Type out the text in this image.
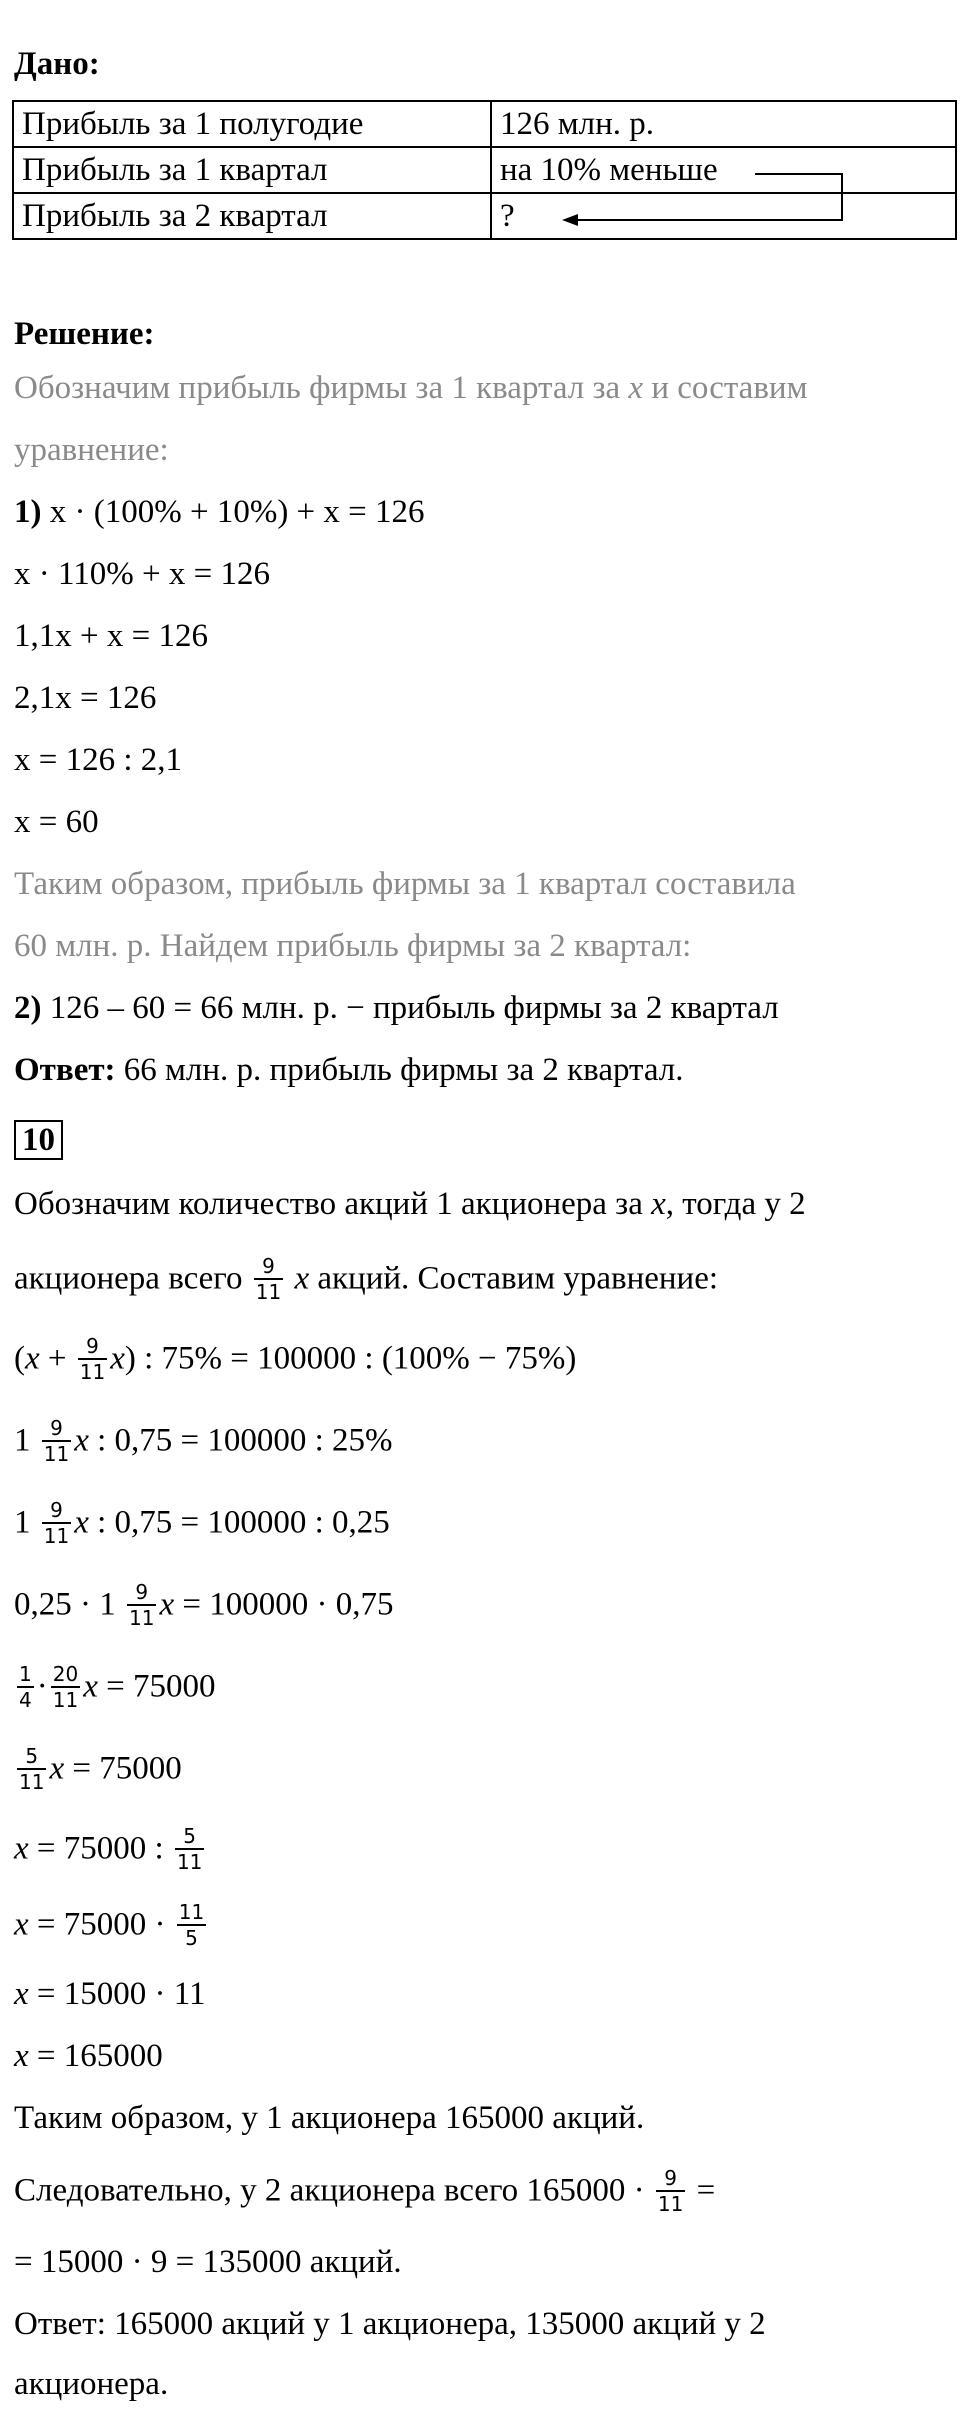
Дано:
Прибыль за 1 полугодие	126 млн. р.
Прибыль за 1 квартал	на 10% меньше
Прибыль за 2 квартал	?
Решение:
Обозначим прибыль фирмы за 1 квартал за x и составим
уравнение:
1) x · (100% + 10%) + x = 126
x · 110% + x = 126
1,1x + x = 126
2,1x = 126
x = 126 : 2,1
x = 60
Таким образом, прибыль фирмы за 1 квартал составила
60 млн. р. Найдем прибыль фирмы за 2 квартал:
2) 126 – 60 = 66 млн. р. − прибыль фирмы за 2 квартал
Ответ: 66 млн. р. прибыль фирмы за 2 квартал.
10
Обозначим количество акций 1 акционера за x, тогда у 2
акционера всего $\frac{9}{11}$ x акций. Составим уравнение:
$(x + \frac{9}{11} x)$ : 75% = 100000 : (100% − 75%)
$1 \frac{9}{11}$ x : 0,75 = 100000 : 25%
$1 \frac{9}{11}$ x : 0,75 = 100000 : 0,25
$0,25 \cdot 1 \frac{9}{11}$ x = 100000 · 0,75
$\frac{1}{4} \cdot \frac{20}{11}$ x = 75000
$\frac{5}{11}$ x = 75000
x = 75000 : $\frac{5}{11}$
$x = 75000 \cdot \frac{11}{5}$
x = 15000 · 11
x = 165000
Таким образом, у 1 акционера 165000 акций.
Следовательно, у 2 акционера всего $165000 \cdot \frac{9}{11}$ =
= 15000 · 9 = 135000 акций.
Ответ: 165000 акций у 1 акционера, 135000 акций у 2
акционера.
